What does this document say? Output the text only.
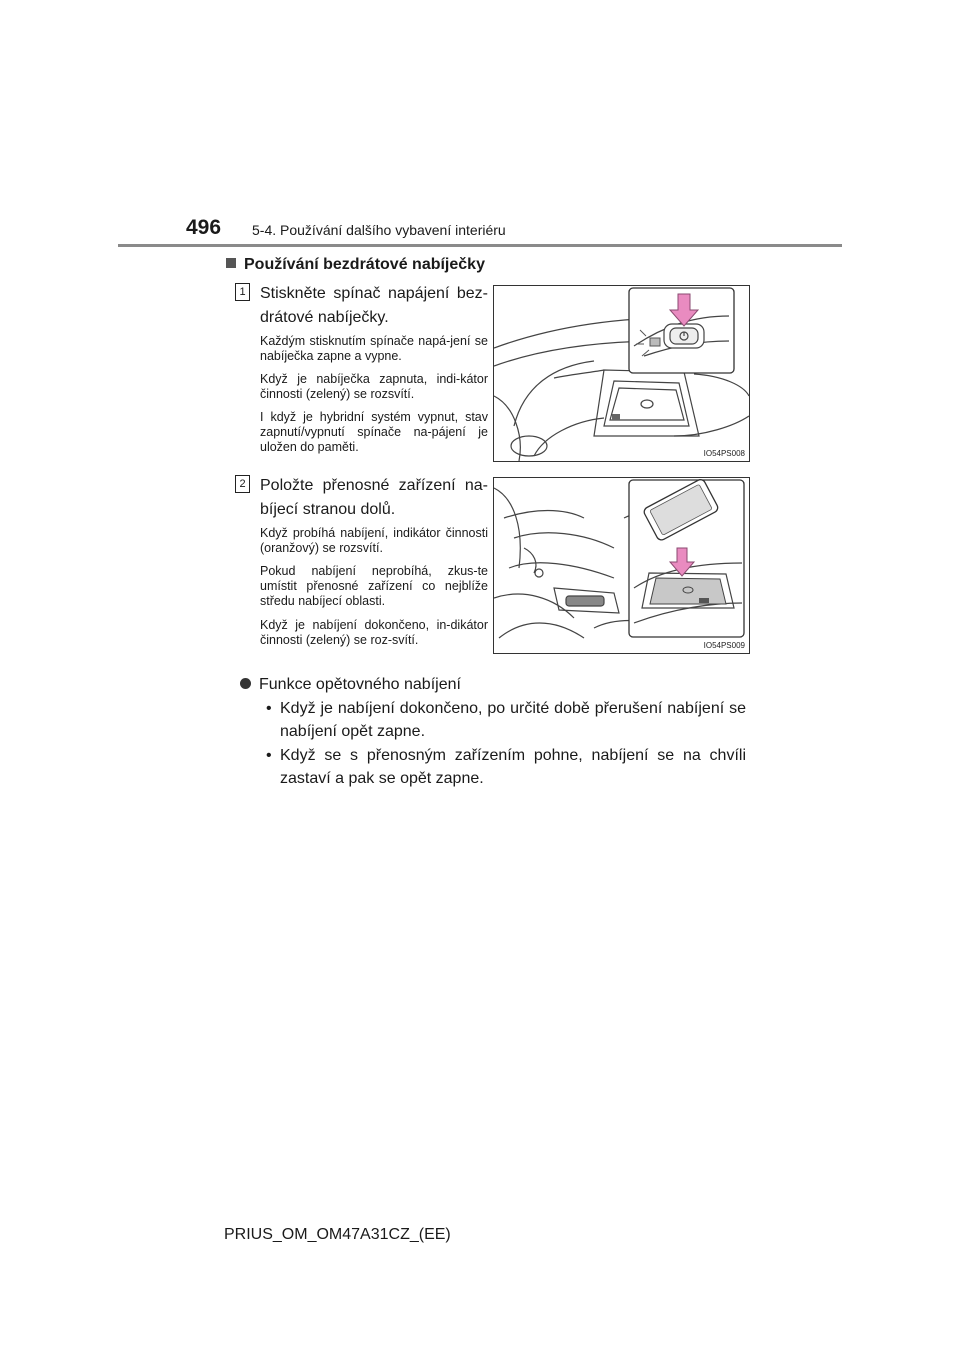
496 5-4. Používání dalšího vybavení interiéru
Používání bezdrátové nabíječky
1 Stiskněte spínač napájení bez-drátové nabíječky.
Každým stisknutím spínače napá-jení se nabíječka zapne a vypne.
Když je nabíječka zapnuta, indi-kátor činnosti (zelený) se rozsvítí.
I když je hybridní systém vypnut, stav zapnutí/vypnutí spínače na-pájení je uložen do paměti.	IO54PS008
2 Položte přenosné zařízení na-bíjecí stranou dolů.
Když probíhá nabíjení, indikátor činnosti (oranžový) se rozsvítí.
Pokud nabíjení neprobíhá, zkus-te umístit přenosné zařízení co nejblíže středu nabíjecí oblasti.
Když je nabíjení dokončeno, in-dikátor činnosti (zelený) se roz-svítí.	IO54PS009
Funkce opětovného nabíjení
• Když je nabíjení dokončeno, po určité době přerušení nabíjení se nabíjení opět zapne.
• Když se s přenosným zařízením pohne, nabíjení se na chvíli zastaví a pak se opět zapne.
PRIUS_OM_OM47A31CZ_(EE)
